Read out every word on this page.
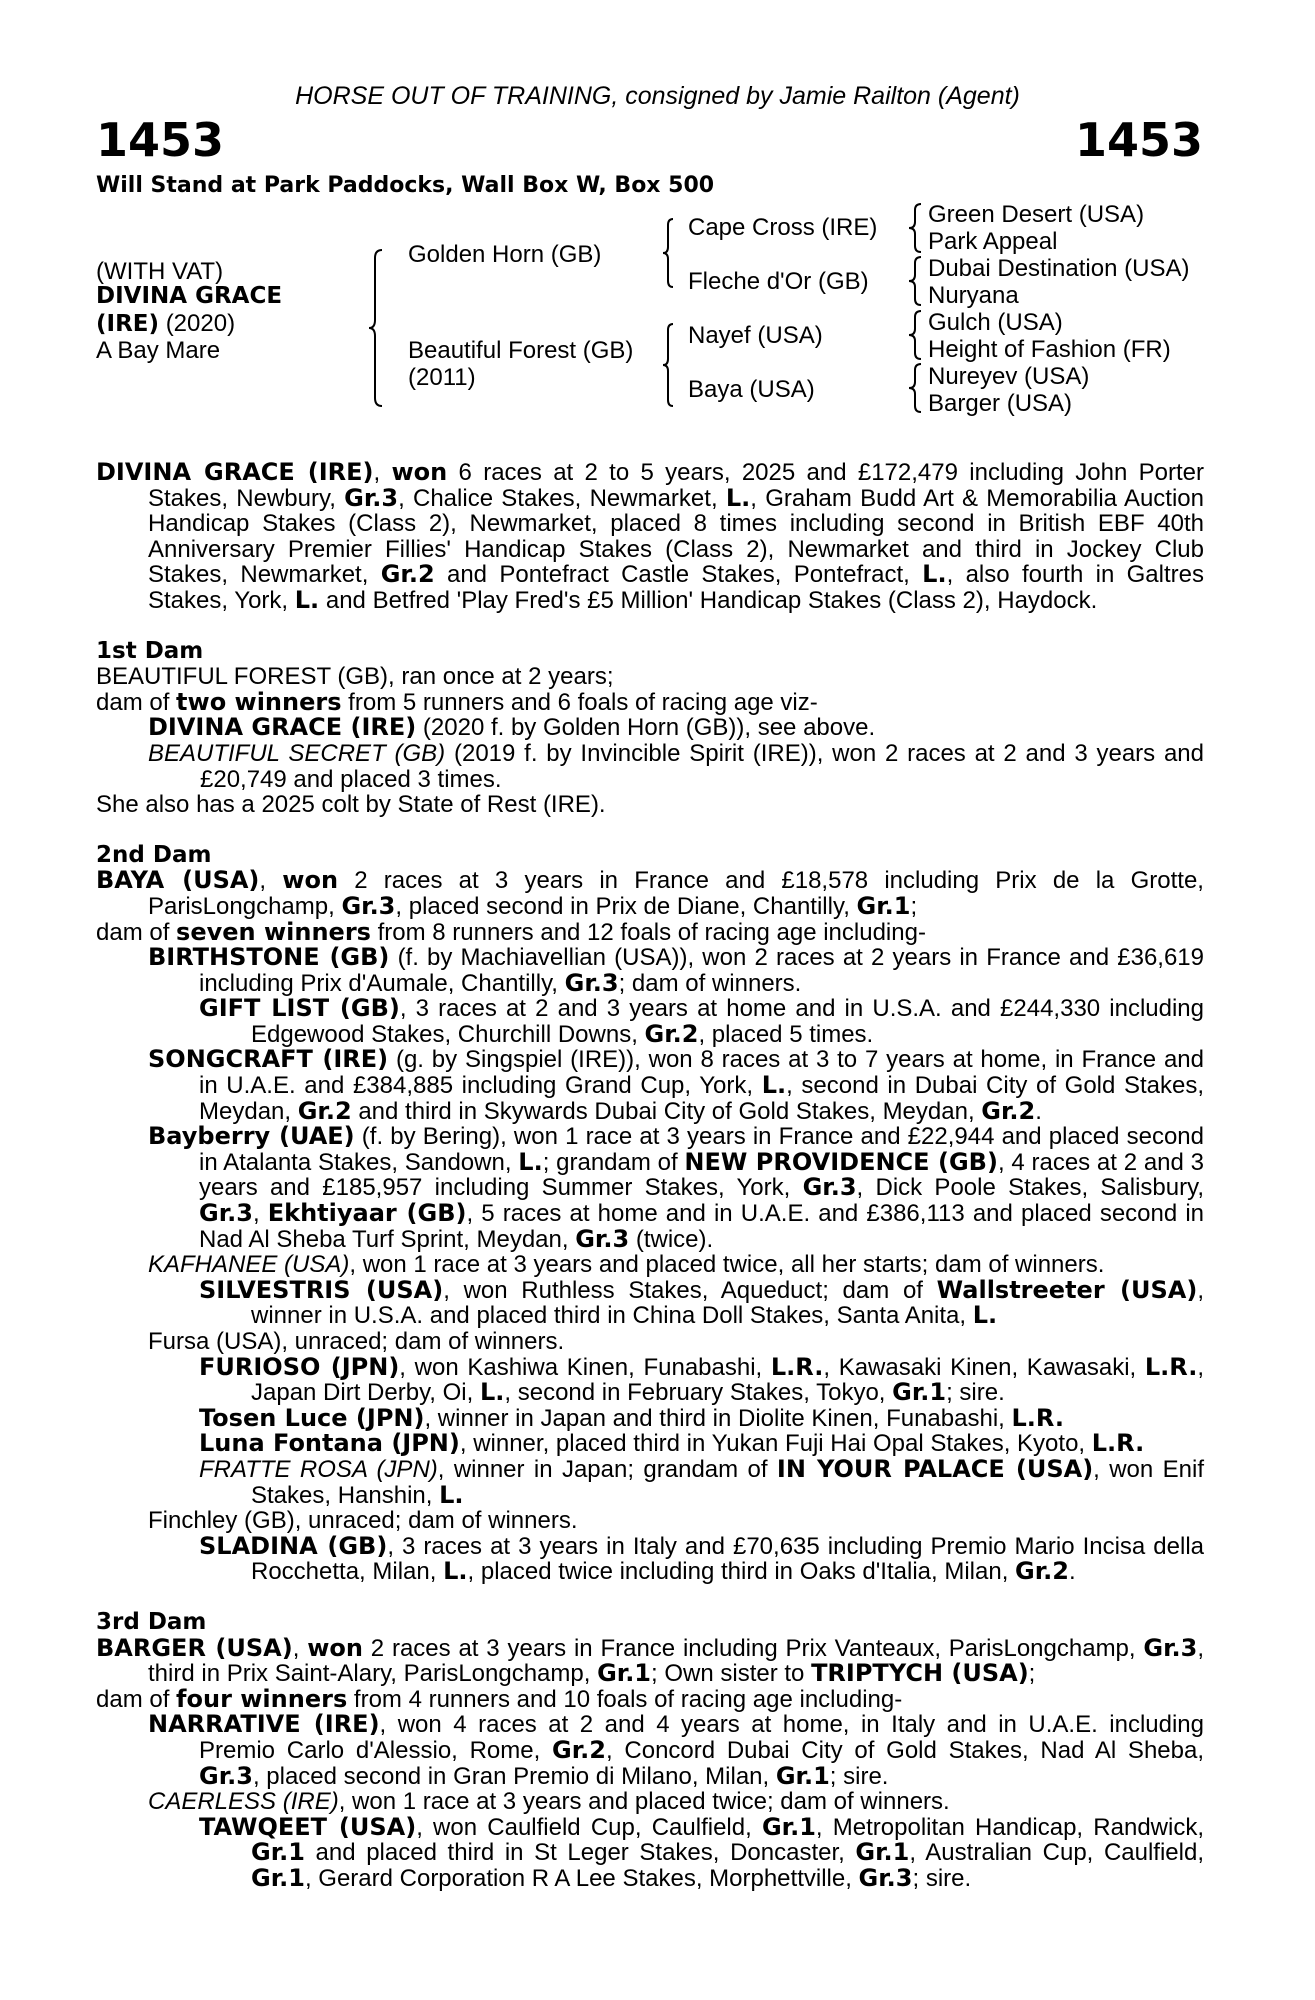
HORSE OUT OF TRAINING, consigned by Jamie Railton (Agent)
1453	1453
Will Stand at Park Paddocks, Wall Box W, Box 500
(WITH VAT)
DIVINA GRACE
(IRE) (2020)
A Bay Mare
Golden Horn (GB)
Beautiful Forest (GB)
(2011)
Cape Cross (IRE)
Fleche d'Or (GB)
Nayef (USA)
Baya (USA)
Green Desert (USA)
Park Appeal
Dubai Destination (USA)
Nuryana
Gulch (USA)
Height of Fashion (FR)
Nureyev (USA)
Barger (USA)
DIVINA GRACE (IRE), won 6 races at 2 to 5 years, 2025 and £172,479 including John Porter Stakes, Newbury, Gr.3, Chalice Stakes, Newmarket, L., Graham Budd Art & Memorabilia Auction Handicap Stakes (Class 2), Newmarket, placed 8 times including second in British EBF 40th Anniversary Premier Fillies' Handicap Stakes (Class 2), Newmarket and third in Jockey Club Stakes, Newmarket, Gr.2 and Pontefract Castle Stakes, Pontefract, L., also fourth in Galtres Stakes, York, L. and Betfred 'Play Fred's £5 Million' Handicap Stakes (Class 2), Haydock.
1st Dam
BEAUTIFUL FOREST (GB), ran once at 2 years;
dam of two winners from 5 runners and 6 foals of racing age viz-
DIVINA GRACE (IRE) (2020 f. by Golden Horn (GB)), see above.
BEAUTIFUL SECRET (GB) (2019 f. by Invincible Spirit (IRE)), won 2 races at 2 and 3 years and £20,749 and placed 3 times.
She also has a 2025 colt by State of Rest (IRE).
2nd Dam
BAYA (USA), won 2 races at 3 years in France and £18,578 including Prix de la Grotte, ParisLongchamp, Gr.3, placed second in Prix de Diane, Chantilly, Gr.1;
dam of seven winners from 8 runners and 12 foals of racing age including-
BIRTHSTONE (GB) (f. by Machiavellian (USA)), won 2 races at 2 years in France and £36,619 including Prix d'Aumale, Chantilly, Gr.3; dam of winners.
GIFT LIST (GB), 3 races at 2 and 3 years at home and in U.S.A. and £244,330 including Edgewood Stakes, Churchill Downs, Gr.2, placed 5 times.
SONGCRAFT (IRE) (g. by Singspiel (IRE)), won 8 races at 3 to 7 years at home, in France and in U.A.E. and £384,885 including Grand Cup, York, L., second in Dubai City of Gold Stakes, Meydan, Gr.2 and third in Skywards Dubai City of Gold Stakes, Meydan, Gr.2.
Bayberry (UAE) (f. by Bering), won 1 race at 3 years in France and £22,944 and placed second in Atalanta Stakes, Sandown, L.; grandam of NEW PROVIDENCE (GB), 4 races at 2 and 3 years and £185,957 including Summer Stakes, York, Gr.3, Dick Poole Stakes, Salisbury, Gr.3, Ekhtiyaar (GB), 5 races at home and in U.A.E. and £386,113 and placed second in Nad Al Sheba Turf Sprint, Meydan, Gr.3 (twice).
KAFHANEE (USA), won 1 race at 3 years and placed twice, all her starts; dam of winners.
SILVESTRIS (USA), won Ruthless Stakes, Aqueduct; dam of Wallstreeter (USA), winner in U.S.A. and placed third in China Doll Stakes, Santa Anita, L.
Fursa (USA), unraced; dam of winners.
FURIOSO (JPN), won Kashiwa Kinen, Funabashi, L.R., Kawasaki Kinen, Kawasaki, L.R., Japan Dirt Derby, Oi, L., second in February Stakes, Tokyo, Gr.1; sire.
Tosen Luce (JPN), winner in Japan and third in Diolite Kinen, Funabashi, L.R.
Luna Fontana (JPN), winner, placed third in Yukan Fuji Hai Opal Stakes, Kyoto, L.R.
FRATTE ROSA (JPN), winner in Japan; grandam of IN YOUR PALACE (USA), won Enif Stakes, Hanshin, L.
Finchley (GB), unraced; dam of winners.
SLADINA (GB), 3 races at 3 years in Italy and £70,635 including Premio Mario Incisa della Rocchetta, Milan, L., placed twice including third in Oaks d'Italia, Milan, Gr.2.
3rd Dam
BARGER (USA), won 2 races at 3 years in France including Prix Vanteaux, ParisLongchamp, Gr.3, third in Prix Saint-Alary, ParisLongchamp, Gr.1; Own sister to TRIPTYCH (USA);
dam of four winners from 4 runners and 10 foals of racing age including-
NARRATIVE (IRE), won 4 races at 2 and 4 years at home, in Italy and in U.A.E. including Premio Carlo d'Alessio, Rome, Gr.2, Concord Dubai City of Gold Stakes, Nad Al Sheba, Gr.3, placed second in Gran Premio di Milano, Milan, Gr.1; sire.
CAERLESS (IRE), won 1 race at 3 years and placed twice; dam of winners.
TAWQEET (USA), won Caulfield Cup, Caulfield, Gr.1, Metropolitan Handicap, Randwick, Gr.1 and placed third in St Leger Stakes, Doncaster, Gr.1, Australian Cup, Caulfield, Gr.1, Gerard Corporation R A Lee Stakes, Morphettville, Gr.3; sire.
